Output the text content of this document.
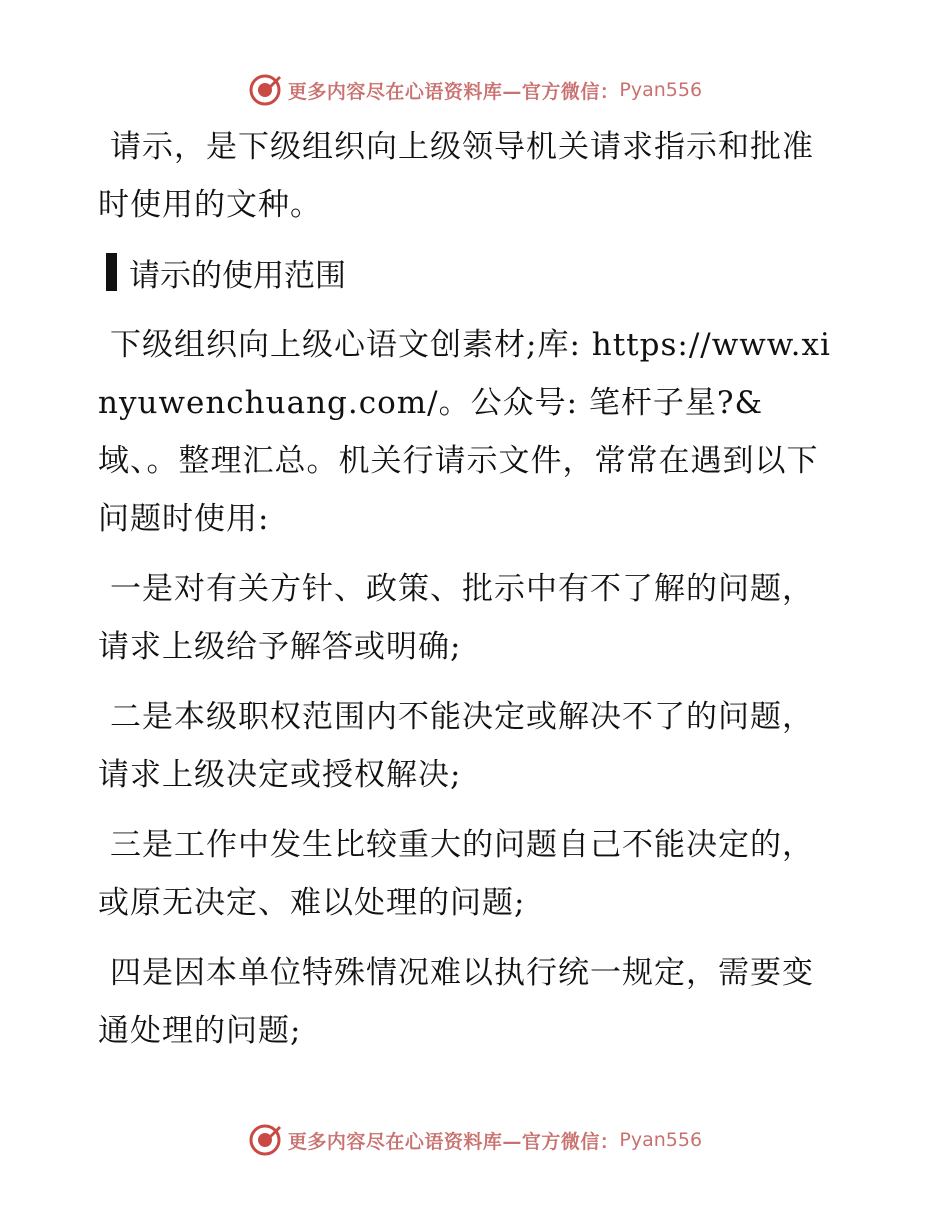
更多内容尽在心语资料库—官方微信： Pyan556

请示，是下级组织向上级领导机关请求指示和批准时使用的文种。

请示的使用范围

下级组织向上级心语文创素材;库: https://www.xinyuwenchuang.com/。公众号: 笔杆子星?&域、。整理汇总。机关行请示文件，常常在遇到以下问题时使用:

一是对有关方针、政策、批示中有不了解的问题，请求上级给予解答或明确;

二是本级职权范围内不能决定或解决不了的问题，请求上级决定或授权解决;

三是工作中发生比较重大的问题自己不能决定的，或原无决定、难以处理的问题;

四是因本单位特殊情况难以执行统一规定，需要变通处理的问题;

更多内容尽在心语资料库—官方微信： Pyan556
